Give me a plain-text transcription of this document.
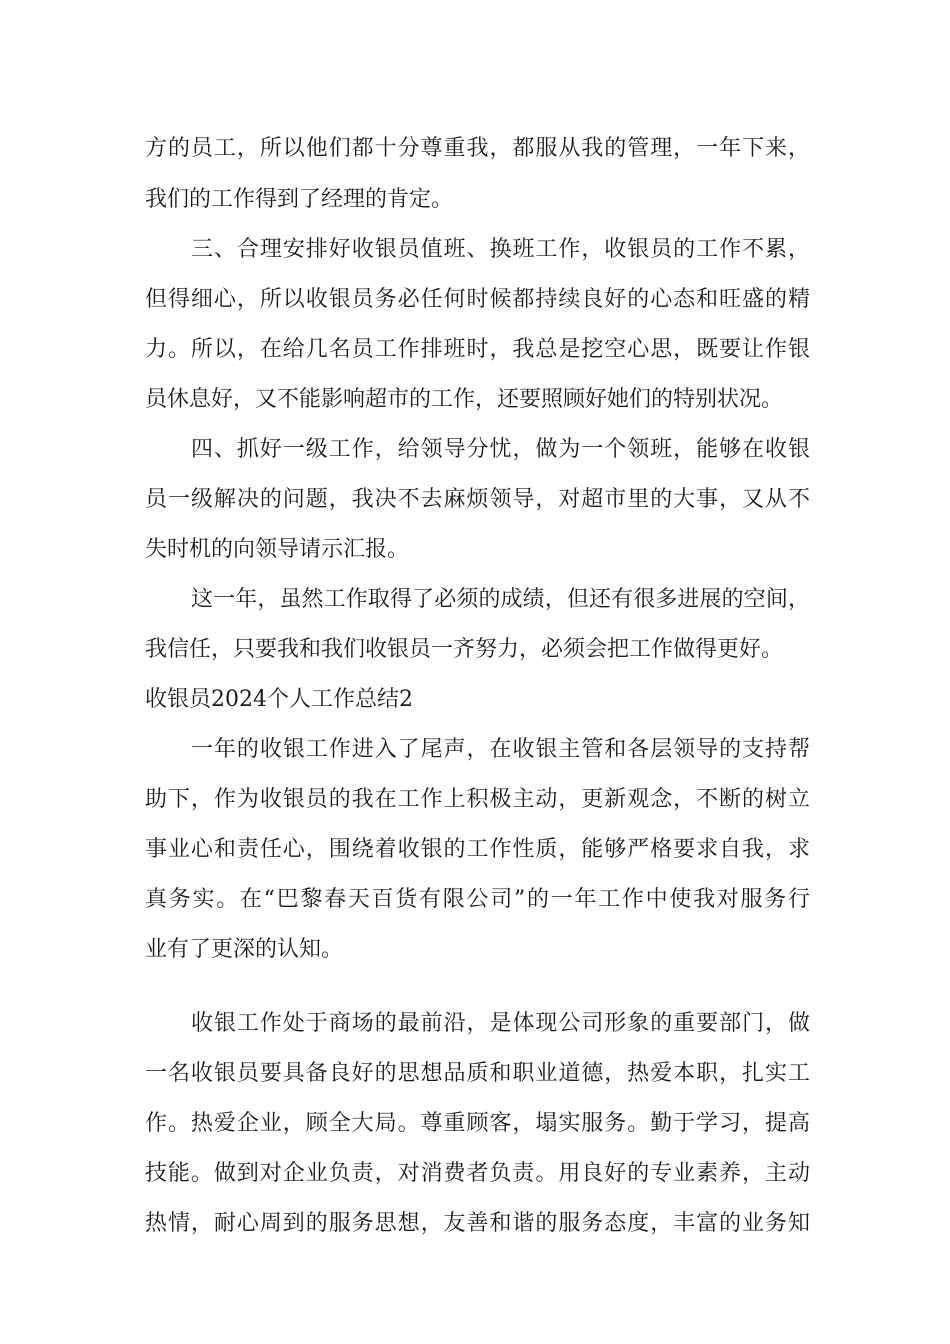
方的员工，所以他们都十分尊重我，都服从我的管理，一年下来，

我们的工作得到了经理的肯定。

三、合理安排好收银员值班、换班工作，收银员的工作不累，

但得细心，所以收银员务必任何时候都持续良好的心态和旺盛的精

力。所以，在给几名员工作排班时，我总是挖空心思，既要让作银

员休息好，又不能影响超市的工作，还要照顾好她们的特别状况。

四、抓好一级工作，给领导分忧，做为一个领班，能够在收银

员一级解决的问题，我决不去麻烦领导，对超市里的大事，又从不

失时机的向领导请示汇报。

这一年，虽然工作取得了必须的成绩，但还有很多进展的空间，

我信任，只要我和我们收银员一齐努力，必须会把工作做得更好。

收银员2024个人工作总结2

一年的收银工作进入了尾声，在收银主管和各层领导的支持帮

助下，作为收银员的我在工作上积极主动，更新观念，不断的树立

事业心和责任心，围绕着收银的工作性质，能够严格要求自我，求

真务实。在“巴黎春天百货有限公司”的一年工作中使我对服务行

业有了更深的认知。

收银工作处于商场的最前沿，是体现公司形象的重要部门，做

一名收银员要具备良好的思想品质和职业道德，热爱本职，扎实工

作。热爱企业，顾全大局。尊重顾客，塌实服务。勤于学习，提高

技能。做到对企业负责，对消费者负责。用良好的专业素养，主动

热情，耐心周到的服务思想，友善和谐的服务态度，丰富的业务知
